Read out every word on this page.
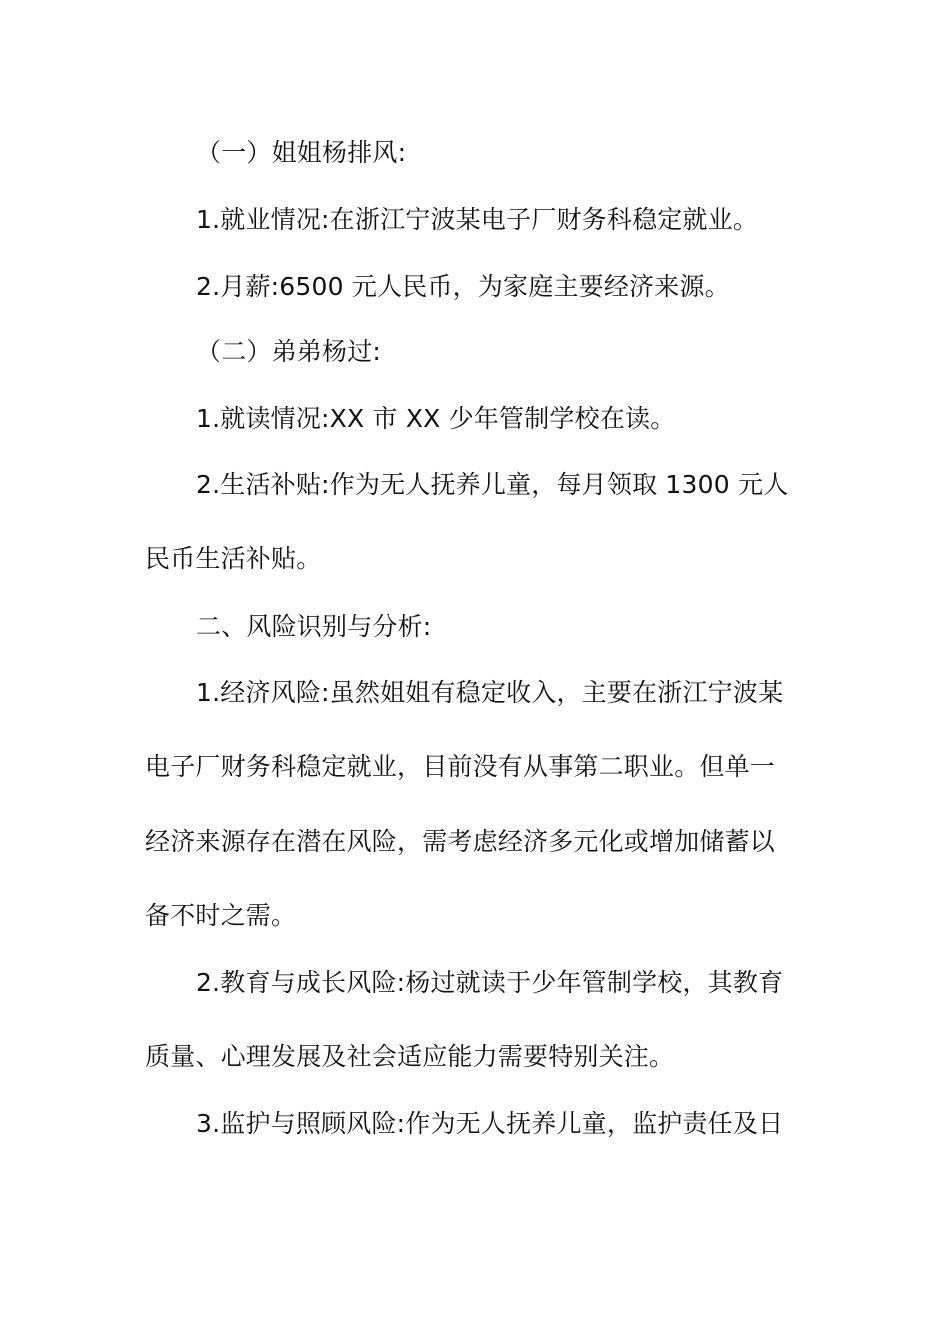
（一）姐姐杨排风:
1.就业情况:在浙江宁波某电子厂财务科稳定就业。
2.月薪:6500 元人民币，为家庭主要经济来源。
（二）弟弟杨过:
1.就读情况:XX 市 XX 少年管制学校在读。
2.生活补贴:作为无人抚养儿童，每月领取 1300 元人
民币生活补贴。
二、风险识别与分析:
1.经济风险:虽然姐姐有稳定收入，主要在浙江宁波某
电子厂财务科稳定就业，目前没有从事第二职业。但单一
经济来源存在潜在风险，需考虑经济多元化或增加储蓄以
备不时之需。
2.教育与成长风险:杨过就读于少年管制学校，其教育
质量、心理发展及社会适应能力需要特别关注。
3.监护与照顾风险:作为无人抚养儿童，监护责任及日
